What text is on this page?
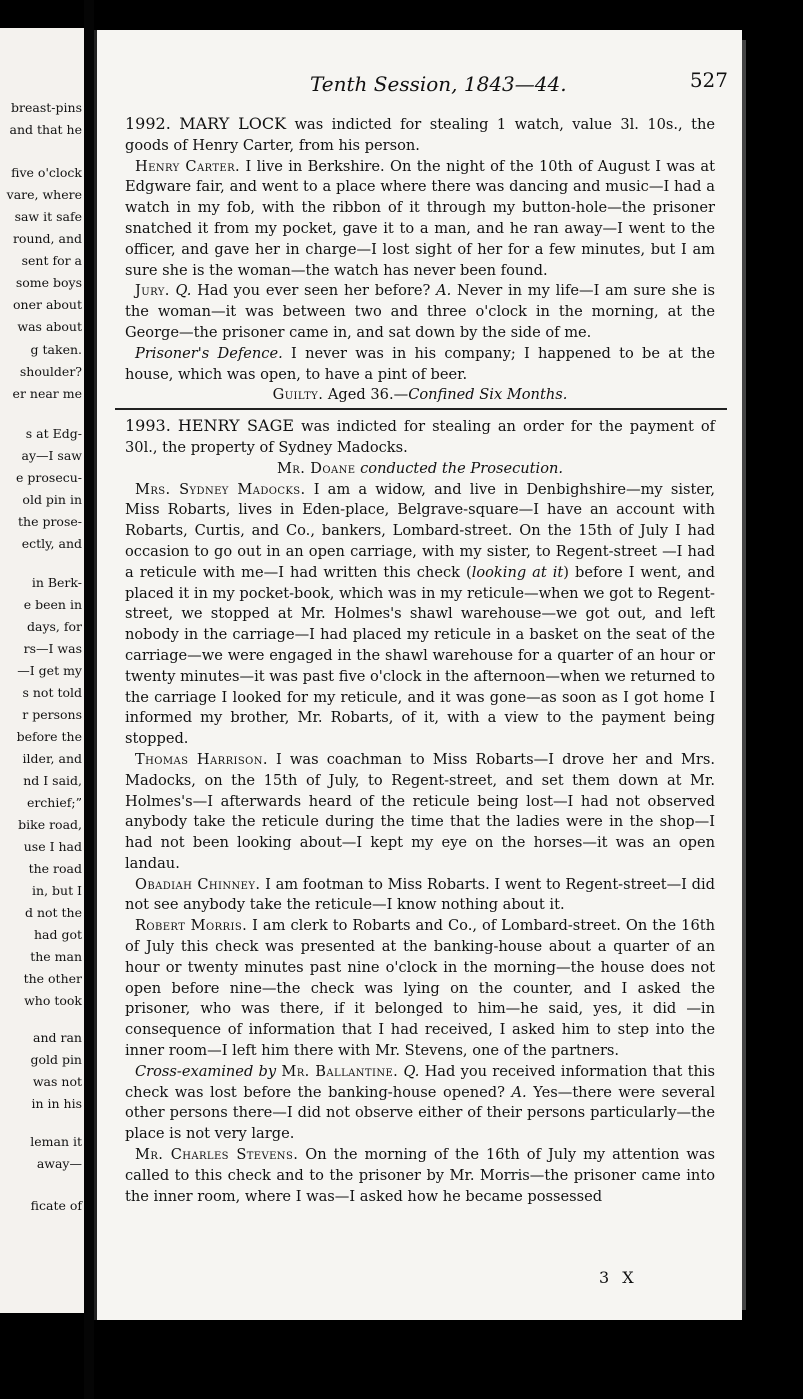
breast-pins
and that he
five o'clock
vare, where
saw it safe
round, and
sent for a
some boys
oner about
was about
g taken.
shoulder?
er near me
s at Edg-
ay—I saw
e prosecu-
old pin in
the prose-
ectly, and
in Berk-
e been in
days, for
rs—I was
—I get my
s not told
r persons
before the
ilder, and
nd I said,
erchief;”
bike road,
use I had
the road
in, but I
d not the
had got
the man
the other
who took
and ran
gold pin
was not
in in his
leman it
away—
ficate of
Tenth Session, 1843—44.	527

1992. MARY LOCK was indicted for stealing 1 watch, value 3l. 10s., the goods of Henry Carter, from his person.

Henry Carter. I live in Berkshire. On the night of the 10th of August I was at Edgware fair, and went to a place where there was dancing and music—I had a watch in my fob, with the ribbon of it through my button-hole—the prisoner snatched it from my pocket, gave it to a man, and he ran away—I went to the officer, and gave her in charge—I lost sight of her for a few minutes, but I am sure she is the woman—the watch has never been found.

Jury. Q. Had you ever seen her before? A. Never in my life—I am sure she is the woman—it was between two and three o'clock in the morning, at the George—the prisoner came in, and sat down by the side of me.

Prisoner's Defence. I never was in his company; I happened to be at the house, which was open, to have a pint of beer.

Guilty. Aged 36.—Confined Six Months.

1993. HENRY SAGE was indicted for stealing an order for the payment of 30l., the property of Sydney Madocks.

Mr. Doane conducted the Prosecution.

Mrs. Sydney Madocks. I am a widow, and live in Denbighshire—my sister, Miss Robarts, lives in Eden-place, Belgrave-square—I have an account with Robarts, Curtis, and Co., bankers, Lombard-street. On the 15th of July I had occasion to go out in an open carriage, with my sister, to Regent-street —I had a reticule with me—I had written this check (looking at it) before I went, and placed it in my pocket-book, which was in my reticule—when we got to Regent-street, we stopped at Mr. Holmes's shawl warehouse—we got out, and left nobody in the carriage—I had placed my reticule in a basket on the seat of the carriage—we were engaged in the shawl warehouse for a quarter of an hour or twenty minutes—it was past five o'clock in the afternoon—when we returned to the carriage I looked for my reticule, and it was gone—as soon as I got home I informed my brother, Mr. Robarts, of it, with a view to the payment being stopped.

Thomas Harrison. I was coachman to Miss Robarts—I drove her and Mrs. Madocks, on the 15th of July, to Regent-street, and set them down at Mr. Holmes's—I afterwards heard of the reticule being lost—I had not observed anybody take the reticule during the time that the ladies were in the shop—I had not been looking about—I kept my eye on the horses—it was an open landau.

Obadiah Chinney. I am footman to Miss Robarts. I went to Regent-street—I did not see anybody take the reticule—I know nothing about it.

Robert Morris. I am clerk to Robarts and Co., of Lombard-street. On the 16th of July this check was presented at the banking-house about a quarter of an hour or twenty minutes past nine o'clock in the morning—the house does not open before nine—the check was lying on the counter, and I asked the prisoner, who was there, if it belonged to him—he said, yes, it did —in consequence of information that I had received, I asked him to step into the inner room—I left him there with Mr. Stevens, one of the partners.

Cross-examined by Mr. Ballantine. Q. Had you received information that this check was lost before the banking-house opened? A. Yes—there were several other persons there—I did not observe either of their persons particularly—the place is not very large.

Mr. Charles Stevens. On the morning of the 16th of July my attention was called to this check and to the prisoner by Mr. Morris—the prisoner came into the inner room, where I was—I asked how he became possessed

3 X
